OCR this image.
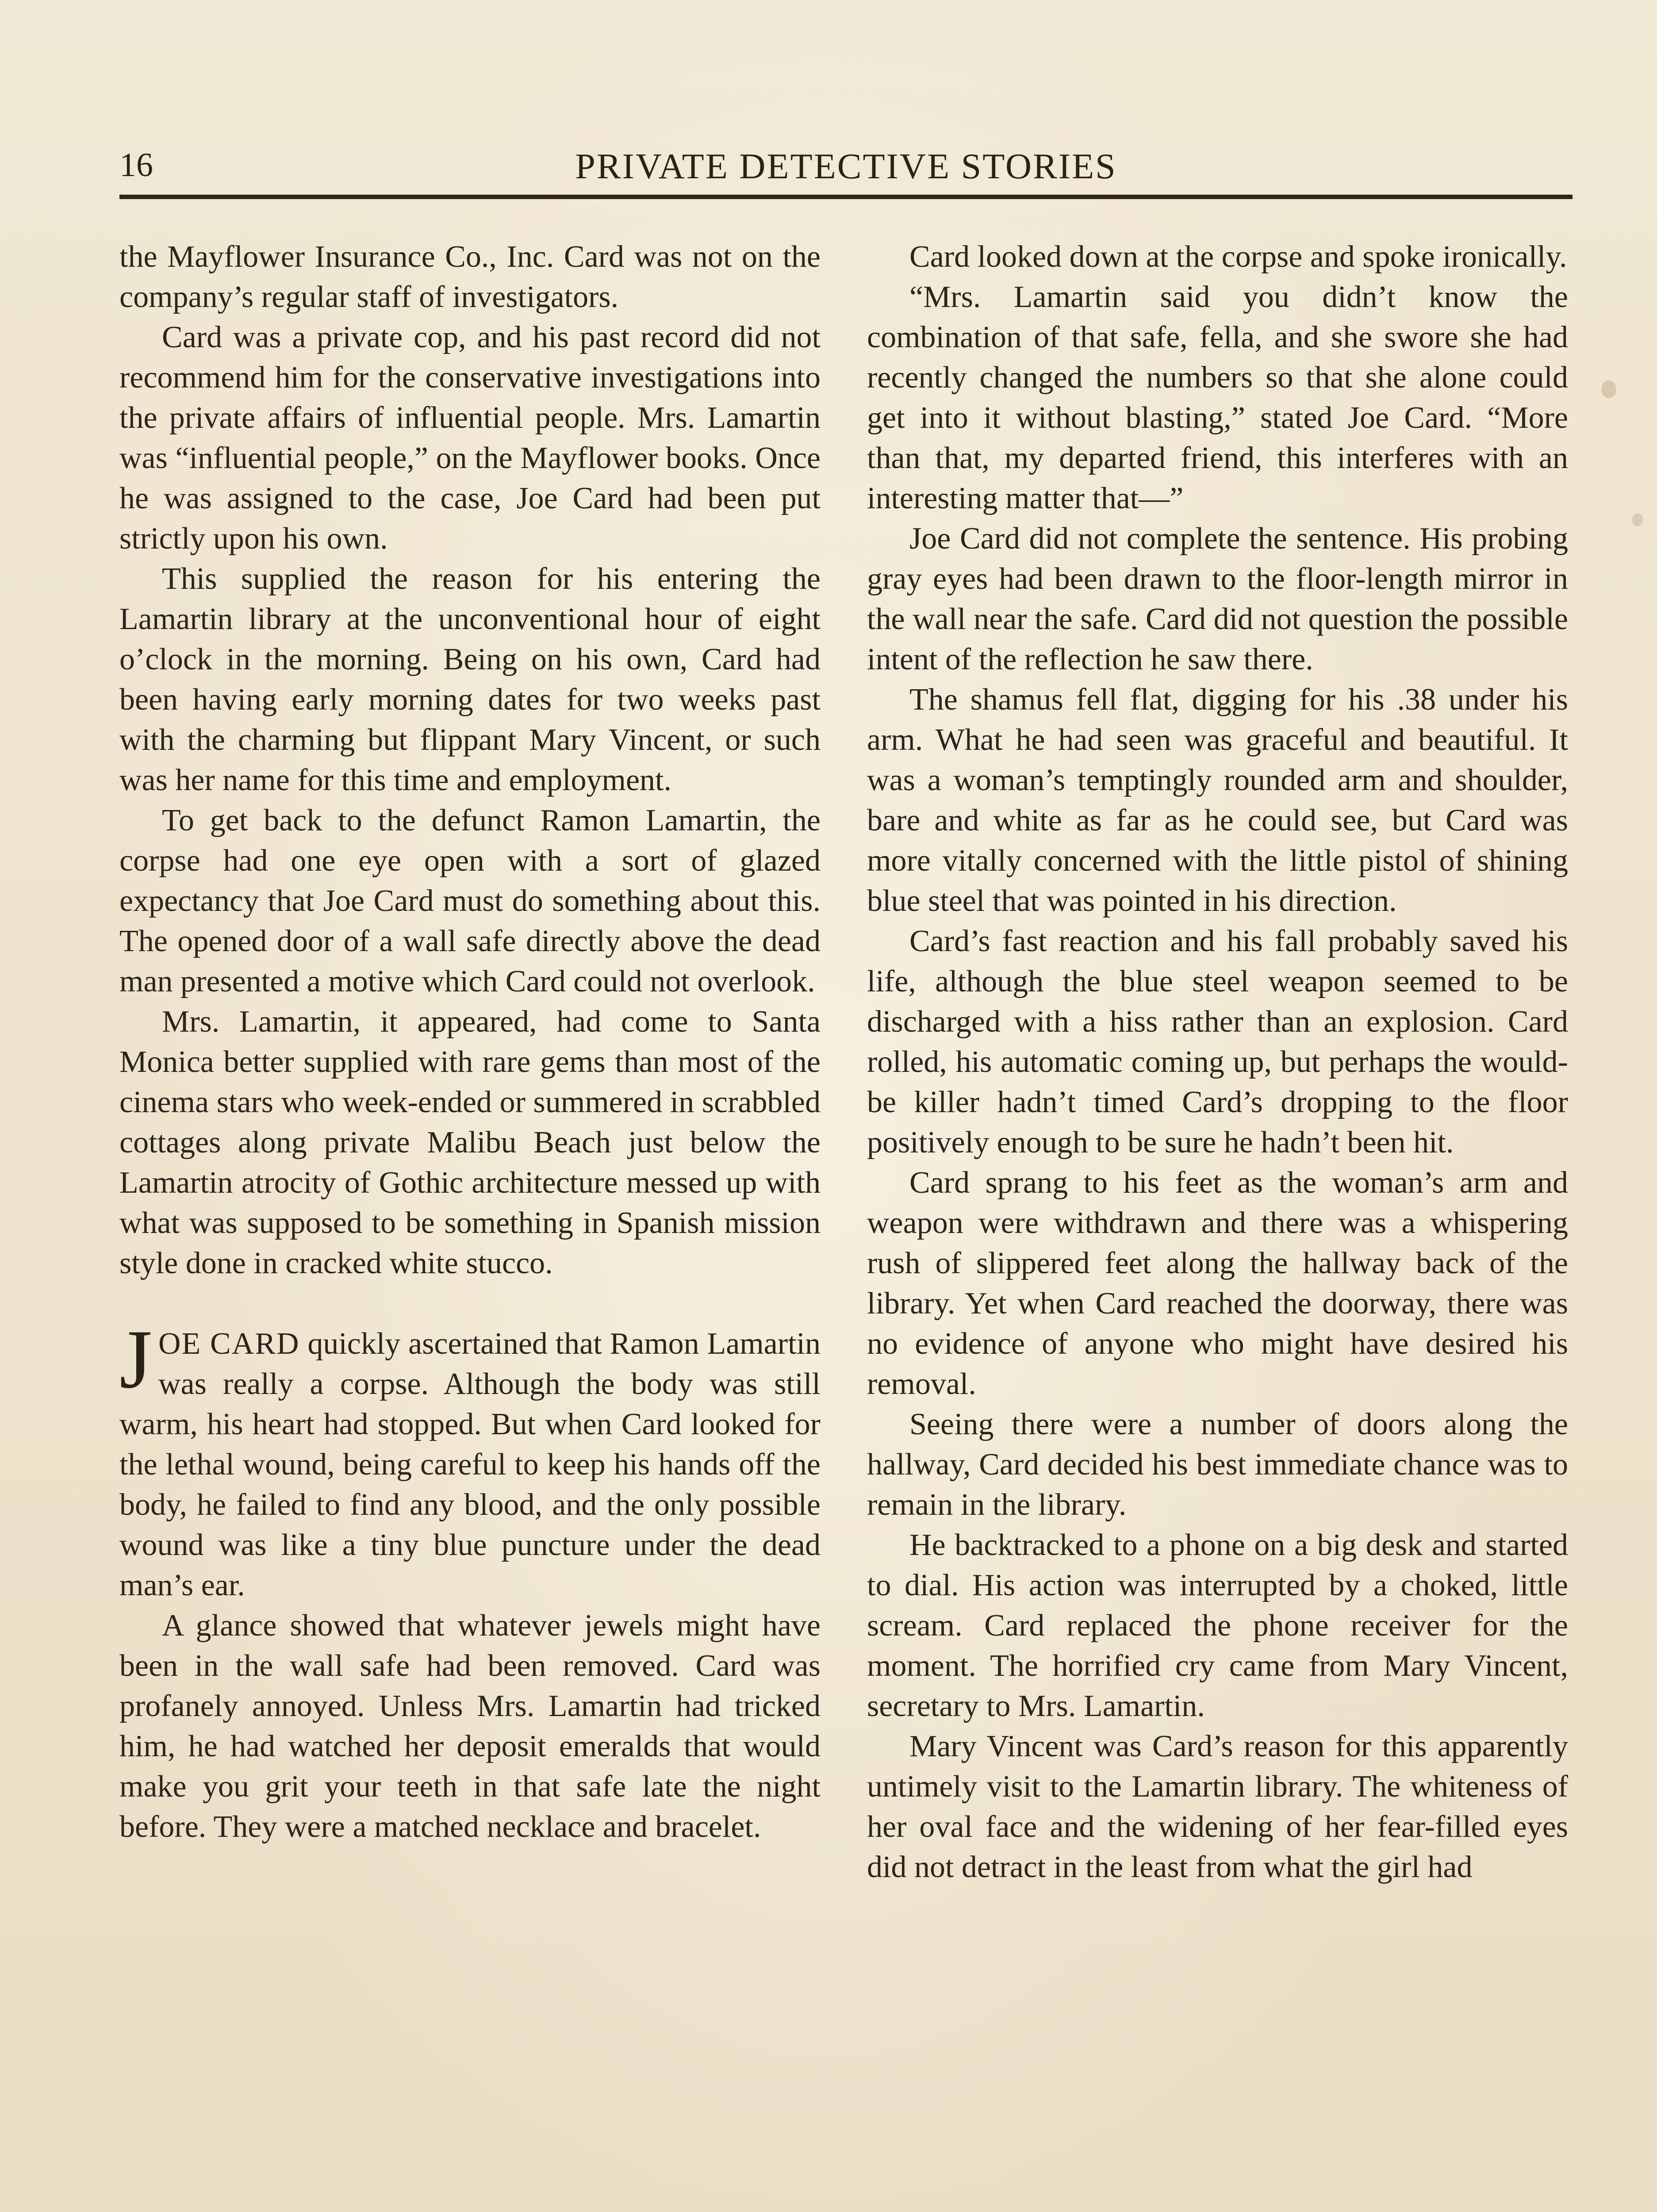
16	PRIVATE DETECTIVE STORIES

the Mayflower Insurance Co., Inc. Card was not on the company’s regular staff of investigators.

Card was a private cop, and his past record did not recommend him for the conservative investigations into the private affairs of influential people. Mrs. Lamartin was “influential people,” on the Mayflower books. Once he was assigned to the case, Joe Card had been put strictly upon his own.

This supplied the reason for his entering the Lamartin library at the unconventional hour of eight o’clock in the morning. Being on his own, Card had been having early morning dates for two weeks past with the charming but flippant Mary Vincent, or such was her name for this time and employment.

To get back to the defunct Ramon Lamartin, the corpse had one eye open with a sort of glazed expectancy that Joe Card must do something about this. The opened door of a wall safe directly above the dead man presented a motive which Card could not overlook.

Mrs. Lamartin, it appeared, had come to Santa Monica better supplied with rare gems than most of the cinema stars who week-ended or summered in scrabbled cottages along private Malibu Beach just below the Lamartin atrocity of Gothic architecture messed up with what was supposed to be something in Spanish mission style done in cracked white stucco.

JOE CARD quickly ascertained that Ramon Lamartin was really a corpse. Although the body was still warm, his heart had stopped. But when Card looked for the lethal wound, being careful to keep his hands off the body, he failed to find any blood, and the only possible wound was like a tiny blue puncture under the dead man’s ear.

A glance showed that whatever jewels might have been in the wall safe had been removed. Card was profanely annoyed. Unless Mrs. Lamartin had tricked him, he had watched her deposit emeralds that would make you grit your teeth in that safe late the night before. They were a matched necklace and bracelet.

Card looked down at the corpse and spoke ironically.

“Mrs. Lamartin said you didn’t know the combination of that safe, fella, and she swore she had recently changed the numbers so that she alone could get into it without blasting,” stated Joe Card. “More than that, my departed friend, this interferes with an interesting matter that—”

Joe Card did not complete the sentence. His probing gray eyes had been drawn to the floor-length mirror in the wall near the safe. Card did not question the possible intent of the reflection he saw there.

The shamus fell flat, digging for his .38 under his arm. What he had seen was graceful and beautiful. It was a woman’s temptingly rounded arm and shoulder, bare and white as far as he could see, but Card was more vitally concerned with the little pistol of shining blue steel that was pointed in his direction.

Card’s fast reaction and his fall probably saved his life, although the blue steel weapon seemed to be discharged with a hiss rather than an explosion. Card rolled, his automatic coming up, but perhaps the would-be killer hadn’t timed Card’s dropping to the floor positively enough to be sure he hadn’t been hit.

Card sprang to his feet as the woman’s arm and weapon were withdrawn and there was a whispering rush of slippered feet along the hallway back of the library. Yet when Card reached the doorway, there was no evidence of anyone who might have desired his removal.

Seeing there were a number of doors along the hallway, Card decided his best immediate chance was to remain in the library.

He backtracked to a phone on a big desk and started to dial. His action was interrupted by a choked, little scream. Card replaced the phone receiver for the moment. The horrified cry came from Mary Vincent, secretary to Mrs. Lamartin.

Mary Vincent was Card’s reason for this apparently untimely visit to the Lamartin library. The whiteness of her oval face and the widening of her fear-filled eyes did not detract in the least from what the girl had
